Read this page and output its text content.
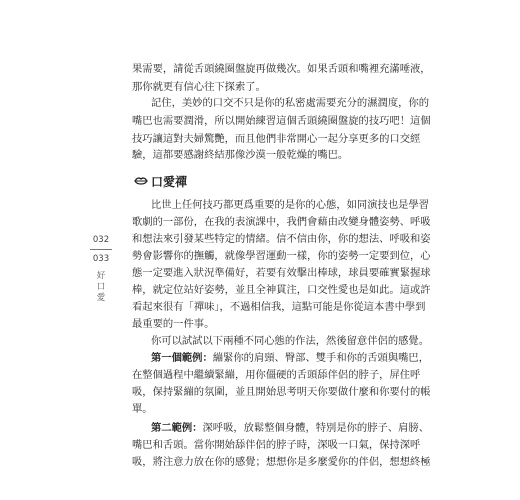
果需要，請從舌頭繞圈盤旋再做幾次。如果舌頭和嘴裡充滿唾液，
那你就更有信心往下探索了。
記住，美妙的口交不只是你的私密處需要充分的濕潤度，你的
嘴巴也需要潤滑，所以開始練習這個舌頭繞圈盤旋的技巧吧！這個
技巧讓這對夫婦驚艷，而且他們非常開心一起分享更多的口交經
驗，這都要感謝終結那像沙漠一般乾燥的嘴巴。
口愛禪
比世上任何技巧都更爲重要的是你的心態，如同演技也是學習
歌劇的一部份，在我的表演課中，我們會藉由改變身體姿勢、呼吸
和想法來引發某些特定的情緒。信不信由你，你的想法、呼吸和姿
勢會影響你的撫觸，就像學習運動一樣，你的姿勢一定要到位，心
態一定要進入狀況準備好，若要有效擊出棒球，球員要確實緊握球
棒，就定位站好姿勢，並且全神貫注，口交性愛也是如此。這或許
看起來很有「禪味」，不過相信我，這點可能是你從這本書中學到
最重要的一件事。
你可以試試以下兩種不同心態的作法，然後留意伴侶的感覺。
第一個範例：繃緊你的肩頸、臀部、雙手和你的舌頭與嘴巴，
在整個過程中繼續緊繃，用你僵硬的舌頭舔伴侶的脖子，屏住呼
吸，保持緊繃的氛圍，並且開始思考明天你要做什麼和你要付的帳
單。
第二範例：深呼吸，放鬆整個身體，特別是你的脖子、肩膀、
嘴巴和舌頭。當你開始舔伴侶的脖子時，深吸一口氣，保持深呼
吸，將注意力放在你的感覺；想想你是多麼愛你的伴侶，想想終極
032
033
好口愛
